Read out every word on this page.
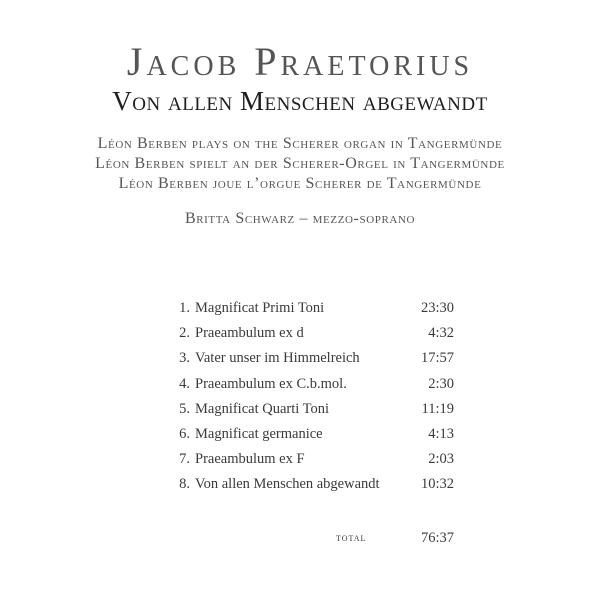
Jacob Praetorius
Von allen Menschen abgewandt
Léon Berben plays on the Scherer organ in Tangermünde
Léon Berben spielt an der Scherer-Orgel in Tangermünde
Léon Berben joue l’orgue Scherer de Tangermünde
Britta Schwarz – mezzo-soprano
1. Magnificat Primi Toni	23:30
2. Praeambulum ex d	4:32
3. Vater unser im Himmelreich	17:57
4. Praeambulum ex C.b.mol.	2:30
5. Magnificat Quarti Toni	11:19
6. Magnificat germanice	4:13
7. Praeambulum ex F	2:03
8. Von allen Menschen abgewandt	10:32
total	76:37
